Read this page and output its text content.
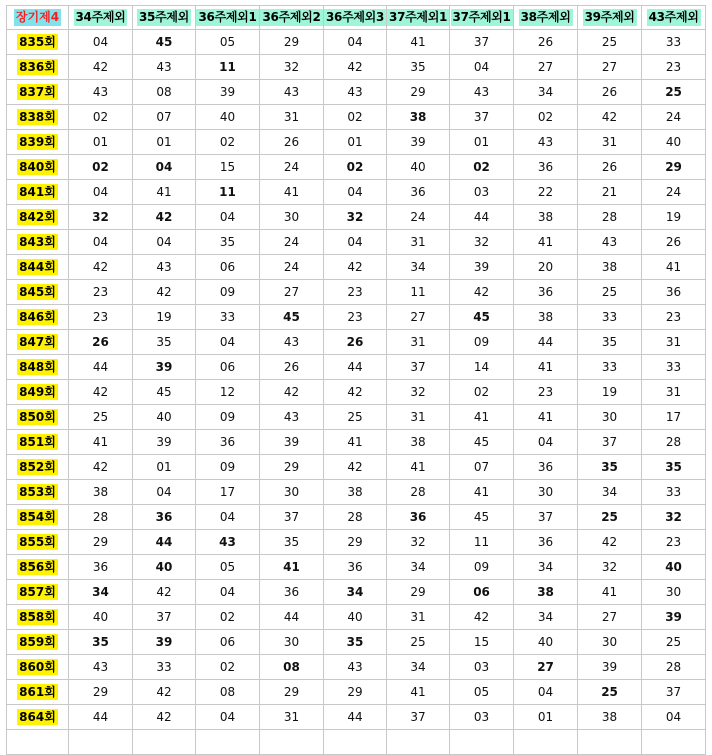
장기제4	34주제외	35주제외	36주제외1	36주제외2	36주제외3	37주제외1	37주제외1	38주제외	39주제외	43주제외
835회	04	45	05	29	04	41	37	26	25	33
836회	42	43	11	32	42	35	04	27	27	23
837회	43	08	39	43	43	29	43	34	26	25
838회	02	07	40	31	02	38	37	02	42	24
839회	01	01	02	26	01	39	01	43	31	40
840회	02	04	15	24	02	40	02	36	26	29
841회	04	41	11	41	04	36	03	22	21	24
842회	32	42	04	30	32	24	44	38	28	19
843회	04	04	35	24	04	31	32	41	43	26
844회	42	43	06	24	42	34	39	20	38	41
845회	23	42	09	27	23	11	42	36	25	36
846회	23	19	33	45	23	27	45	38	33	23
847회	26	35	04	43	26	31	09	44	35	31
848회	44	39	06	26	44	37	14	41	33	33
849회	42	45	12	42	42	32	02	23	19	31
850회	25	40	09	43	25	31	41	41	30	17
851회	41	39	36	39	41	38	45	04	37	28
852회	42	01	09	29	42	41	07	36	35	35
853회	38	04	17	30	38	28	41	30	34	33
854회	28	36	04	37	28	36	45	37	25	32
855회	29	44	43	35	29	32	11	36	42	23
856회	36	40	05	41	36	34	09	34	32	40
857회	34	42	04	36	34	29	06	38	41	30
858회	40	37	02	44	40	31	42	34	27	39
859회	35	39	06	30	35	25	15	40	30	25
860회	43	33	02	08	43	34	03	27	39	28
861회	29	42	08	29	29	41	05	04	25	37
864회	44	42	04	31	44	37	03	01	38	04
